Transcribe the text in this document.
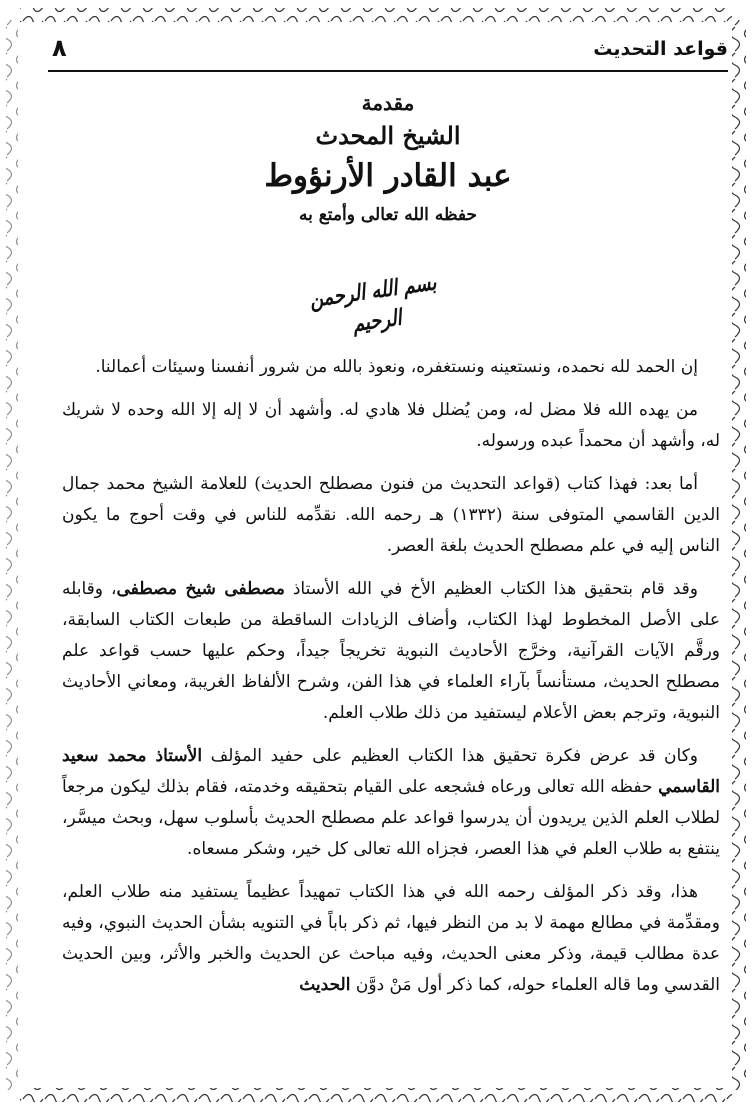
قواعد التحديث
٨
مقدمة
الشيخ المحدث
عبد القادر الأرنؤوط
حفظه الله تعالى وأمتع به
بسم الله الرحمن الرحيم

إن الحمد لله نحمده، ونستعينه ونستغفره، ونعوذ بالله من شرور أنفسنا وسيئات أعمالنا.

من يهده الله فلا مضل له، ومن يُضلل فلا هادي له. وأشهد أن لا إله إلا الله وحده لا شريك له، وأشهد أن محمداً عبده ورسوله.

أما بعد: فهذا كتاب (قواعد التحديث من فنون مصطلح الحديث) للعلامة الشيخ محمد جمال الدين القاسمي المتوفى سنة (١٣٣٢) هـ رحمه الله. نقدِّمه للناس في وقت أحوج ما يكون الناس إليه في علم مصطلح الحديث بلغة العصر.

وقد قام بتحقيق هذا الكتاب العظيم الأخ في الله الأستاذ مصطفى شيخ مصطفى، وقابله على الأصل المخطوط لهذا الكتاب، وأضاف الزيادات الساقطة من طبعات الكتاب السابقة، ورقَّم الآيات القرآنية، وخرَّج الأحاديث النبوية تخريجاً جيداً، وحكم عليها حسب قواعد علم مصطلح الحديث، مستأنساً بآراء العلماء في هذا الفن، وشرح الألفاظ الغريبة، ومعاني الأحاديث النبوية، وترجم بعض الأعلام ليستفيد من ذلك طلاب العلم.

وكان قد عرض فكرة تحقيق هذا الكتاب العظيم على حفيد المؤلف الأستاذ محمد سعيد القاسمي حفظه الله تعالى ورعاه فشجعه على القيام بتحقيقه وخدمته، فقام بذلك ليكون مرجعاً لطلاب العلم الذين يريدون أن يدرسوا قواعد علم مصطلح الحديث بأسلوب سهل، وبحث ميسَّر، ينتفع به طلاب العلم في هذا العصر، فجزاه الله تعالى كل خير، وشكر مسعاه.

هذا، وقد ذكر المؤلف رحمه الله في هذا الكتاب تمهيداً عظيماً يستفيد منه طلاب العلم، ومقدِّمة في مطالع مهمة لا بد من النظر فيها، ثم ذكر باباً في التنويه بشأن الحديث النبوي، وفيه عدة مطالب قيمة، وذكر معنى الحديث، وفيه مباحث عن الحديث والخبر والأثر، وبين الحديث القدسي وما قاله العلماء حوله، كما ذكر أول مَنْ دوَّن الحديث
